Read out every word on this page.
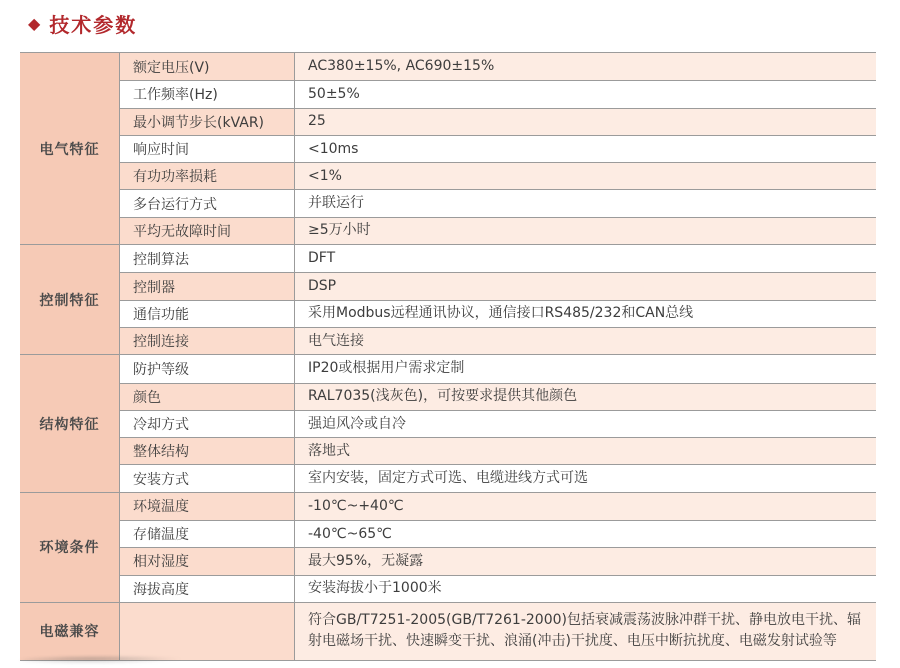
◆ 技术参数
电气特征
额定电压(V)	AC380±15%, AC690±15%
工作频率(Hz)	50±5%
最小调节步长(kVAR)	25
响应时间	<10ms
有功功率损耗	<1%
多台运行方式	并联运行
平均无故障时间	≥5万小时
控制特征
控制算法	DFT
控制器	DSP
通信功能	采用Modbus远程通讯协议，通信接口RS485/232和CAN总线
控制连接	电气连接
结构特征
防护等级	IP20或根据用户需求定制
颜色	RAL7035(浅灰色)，可按要求提供其他颜色
冷却方式	强迫风冷或自冷
整体结构	落地式
安装方式	室内安装，固定方式可选、电缆进线方式可选
环境条件
环境温度	-10℃~+40℃
存储温度	-40℃~65℃
相对湿度	最大95%，无凝露
海拔高度	安装海拔小于1000米
电磁兼容
符合GB/T7251-2005(GB/T7261-2000)包括衰减震荡波脉冲群干扰、静电放电干扰、辐射电磁场干扰、快速瞬变干扰、浪涌(冲击)干扰度、电压中断抗扰度、电磁发射试验等
